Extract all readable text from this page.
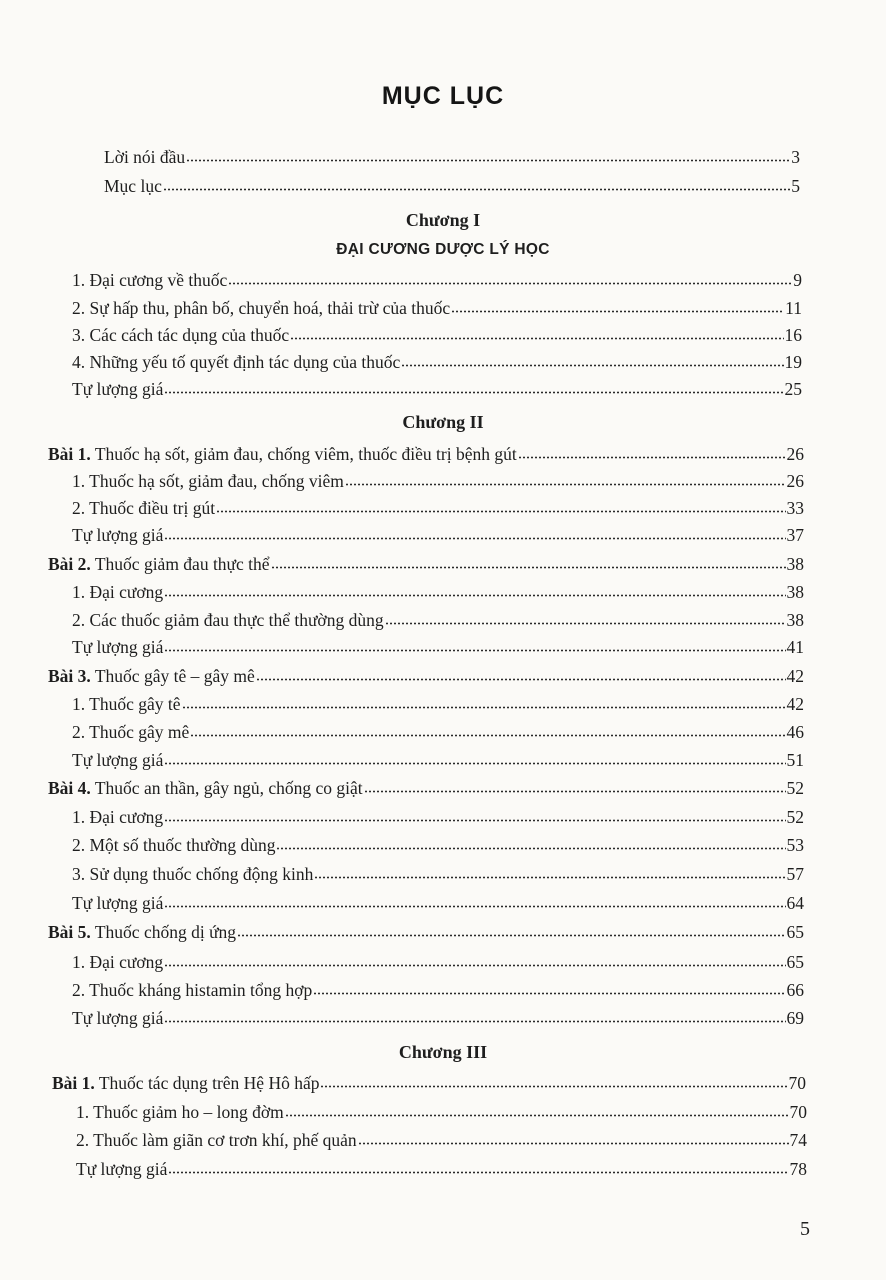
MỤC LỤC
Lời nói đầu	3
Mục lục	5
Chương I
ĐẠI CƯƠNG DƯỢC LÝ HỌC
1. Đại cương về thuốc	9
2. Sự hấp thu, phân bố, chuyển hoá, thải trừ của thuốc	11
3. Các cách tác dụng của thuốc	16
4. Những yếu tố quyết định tác dụng của thuốc	19
Tự lượng giá	25
Chương II
Bài 1. Thuốc hạ sốt, giảm đau, chống viêm, thuốc điều trị bệnh gút	26
1. Thuốc hạ sốt, giảm đau, chống viêm	26
2. Thuốc điều trị gút	33
Tự lượng giá	37
Bài 2. Thuốc giảm đau thực thể	38
1. Đại cương	38
2. Các thuốc giảm đau thực thể thường dùng	38
Tự lượng giá	41
Bài 3. Thuốc gây tê – gây mê	42
1. Thuốc gây tê	42
2. Thuốc gây mê	46
Tự lượng giá	51
Bài 4. Thuốc an thần, gây ngủ, chống co giật	52
1. Đại cương	52
2. Một số thuốc thường dùng	53
3. Sử dụng thuốc chống động kinh	57
Tự lượng giá	64
Bài 5. Thuốc chống dị ứng	65
1. Đại cương	65
2. Thuốc kháng histamin tổng hợp	66
Tự lượng giá	69
Chương III
Bài 1. Thuốc tác dụng trên Hệ Hô hấp	70
1. Thuốc giảm ho – long đờm	70
2. Thuốc làm giãn cơ trơn khí, phế quản	74
Tự lượng giá	78
5
